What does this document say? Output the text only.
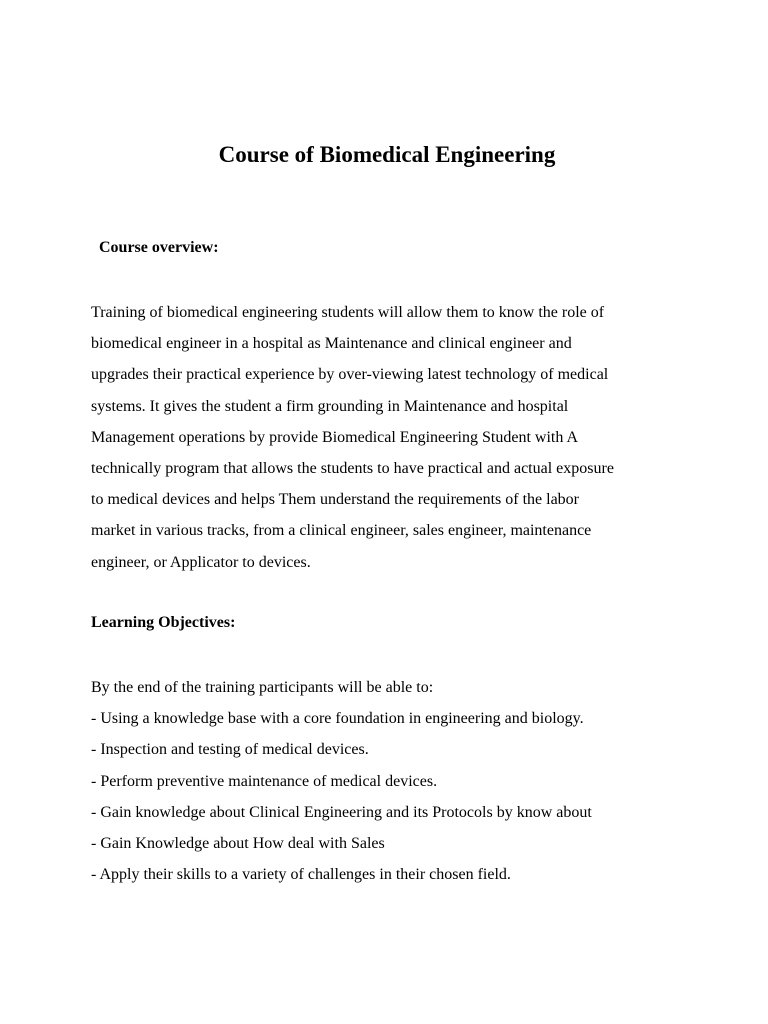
Course of Biomedical Engineering
Course overview:

Training of biomedical engineering students will allow them to know the role of
biomedical engineer in a hospital as Maintenance and clinical engineer and
upgrades their practical experience by over-viewing latest technology of medical
systems. It gives the student a firm grounding in Maintenance and hospital
Management operations by provide Biomedical Engineering Student with A
technically program that allows the students to have practical and actual exposure
to medical devices and helps Them understand the requirements of the labor
market in various tracks, from a clinical engineer, sales engineer, maintenance
engineer, or Applicator to devices.

Learning Objectives:
By the end of the training participants will be able to:
- Using a knowledge base with a core foundation in engineering and biology.
- Inspection and testing of medical devices.
- Perform preventive maintenance of medical devices.
- Gain knowledge about Clinical Engineering and its Protocols by know about
- Gain Knowledge about How deal with Sales
- Apply their skills to a variety of challenges in their chosen field.
